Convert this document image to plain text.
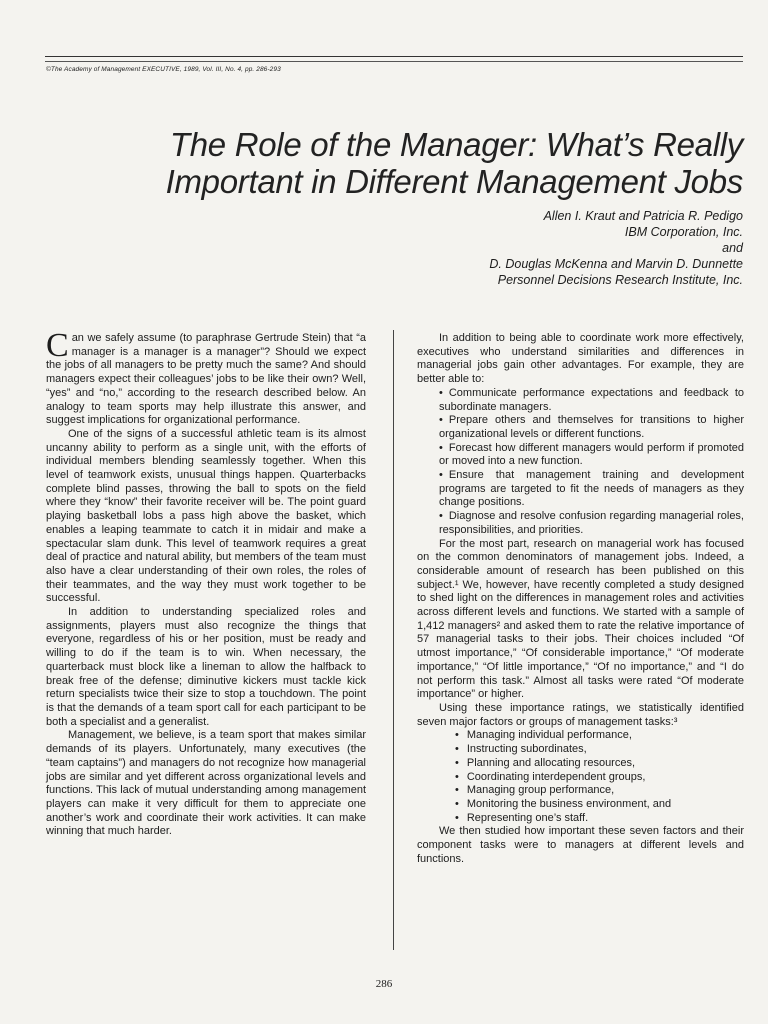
©The Academy of Management EXECUTIVE, 1989, Vol. III, No. 4, pp. 286-293
The Role of the Manager: What’s Really
Important in Different Management Jobs
Allen I. Kraut and Patricia R. Pedigo
IBM Corporation, Inc.
and
D. Douglas McKenna and Marvin D. Dunnette
Personnel Decisions Research Institute, Inc.

Can we safely assume (to paraphrase Gertrude Stein) that “a manager is a manager is a manager”? Should we expect the jobs of all managers to be pretty much the same? And should managers expect their colleagues’ jobs to be like their own? Well, “yes” and “no,” according to the research described below. An analogy to team sports may help illustrate this answer, and suggest implications for organizational performance.

One of the signs of a successful athletic team is its almost uncanny ability to perform as a single unit, with the efforts of individual members blending seamlessly together. When this level of teamwork exists, unusual things happen. Quarterbacks complete blind passes, throwing the ball to spots on the field where they “know” their favorite receiver will be. The point guard playing basketball lobs a pass high above the basket, which enables a leaping teammate to catch it in midair and make a spectacular slam dunk. This level of teamwork requires a great deal of practice and natural ability, but members of the team must also have a clear understanding of their own roles, the roles of their teammates, and the way they must work together to be successful.

In addition to understanding specialized roles and assignments, players must also recognize the things that everyone, regardless of his or her position, must be ready and willing to do if the team is to win. When necessary, the quarterback must block like a lineman to allow the halfback to break free of the defense; diminutive kickers must tackle kick return specialists twice their size to stop a touchdown. The point is that the demands of a team sport call for each participant to be both a specialist and a generalist.

Management, we believe, is a team sport that makes similar demands of its players. Unfortunately, many executives (the “team captains”) and managers do not recognize how managerial jobs are similar and yet different across organizational levels and functions. This lack of mutual understanding among management players can make it very difficult for them to appreciate one another’s work and coordinate their work activities. It can make winning that much harder.

In addition to being able to coordinate work more effectively, executives who understand similarities and differences in managerial jobs gain other advantages. For example, they are better able to:

• Communicate performance expectations and feedback to subordinate managers.
• Prepare others and themselves for transitions to higher organizational levels or different functions.
• Forecast how different managers would perform if promoted or moved into a new function.
• Ensure that management training and development programs are targeted to fit the needs of managers as they change positions.
• Diagnose and resolve confusion regarding managerial roles, responsibilities, and priorities.

For the most part, research on managerial work has focused on the common denominators of management jobs. Indeed, a considerable amount of research has been published on this subject.¹ We, however, have recently completed a study designed to shed light on the differences in management roles and activities across different levels and functions. We started with a sample of 1,412 managers² and asked them to rate the relative importance of 57 managerial tasks to their jobs. Their choices included “Of utmost importance,” “Of considerable importance,” “Of moderate importance,” “Of little importance,” “Of no importance,” and “I do not perform this task.” Almost all tasks were rated “Of moderate importance” or higher.

Using these importance ratings, we statistically identified seven major factors or groups of management tasks:³

• Managing individual performance,
• Instructing subordinates,
• Planning and allocating resources,
• Coordinating interdependent groups,
• Managing group performance,
• Monitoring the business environment, and
• Representing one’s staff.

We then studied how important these seven factors and their component tasks were to managers at different levels and functions.

286
